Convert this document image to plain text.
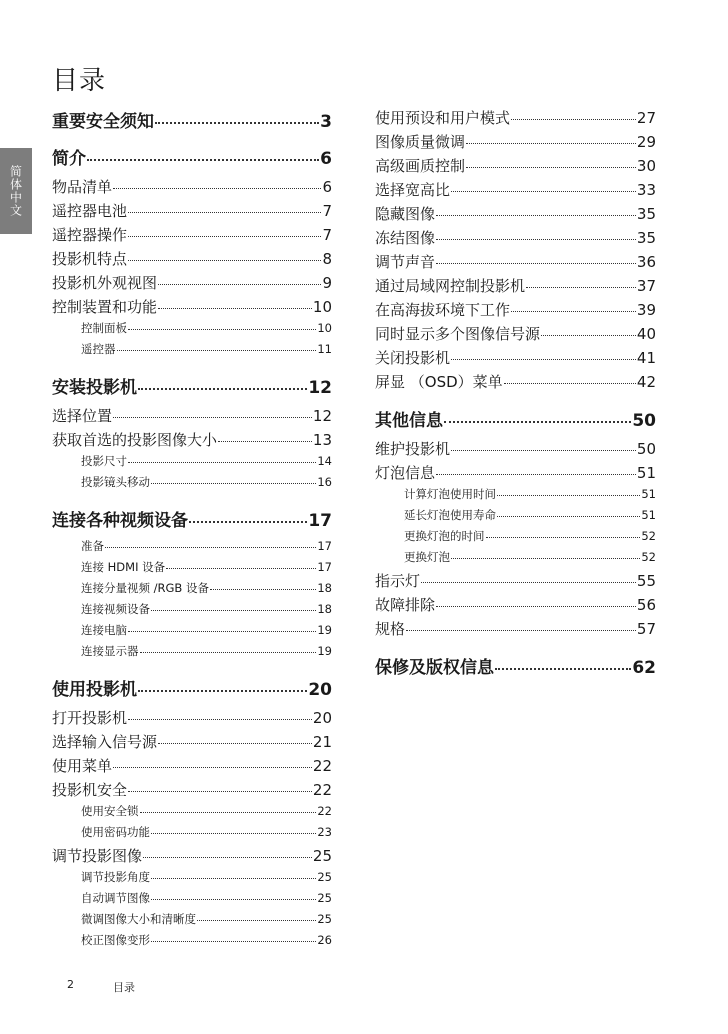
目录
简体中文
重要安全须知	3
简介	6
物品清单	6
遥控器电池	7
遥控器操作	7
投影机特点	8
投影机外观视图	9
控制装置和功能	10
控制面板	10
遥控器	11
安装投影机	12
选择位置	12
获取首选的投影图像大小	13
投影尺寸	14
投影镜头移动	16
连接各种视频设备	17
准备	17
连接 HDMI 设备	17
连接分量视频 /RGB 设备	18
连接视频设备	18
连接电脑	19
连接显示器	19
使用投影机	20
打开投影机	20
选择输入信号源	21
使用菜单	22
投影机安全	22
使用安全锁	22
使用密码功能	23
调节投影图像	25
调节投影角度	25
自动调节图像	25
微调图像大小和清晰度	25
校正图像变形	26
使用预设和用户模式	27
图像质量微调	29
高级画质控制	30
选择宽高比	33
隐藏图像	35
冻结图像	35
调节声音	36
通过局域网控制投影机	37
在高海拔环境下工作	39
同时显示多个图像信号源	40
关闭投影机	41
屏显 （OSD）菜单	42
其他信息	50
维护投影机	50
灯泡信息	51
计算灯泡使用时间	51
延长灯泡使用寿命	51
更换灯泡的时间	52
更换灯泡	52
指示灯	55
故障排除	56
规格	57
保修及版权信息	62
2	目录
